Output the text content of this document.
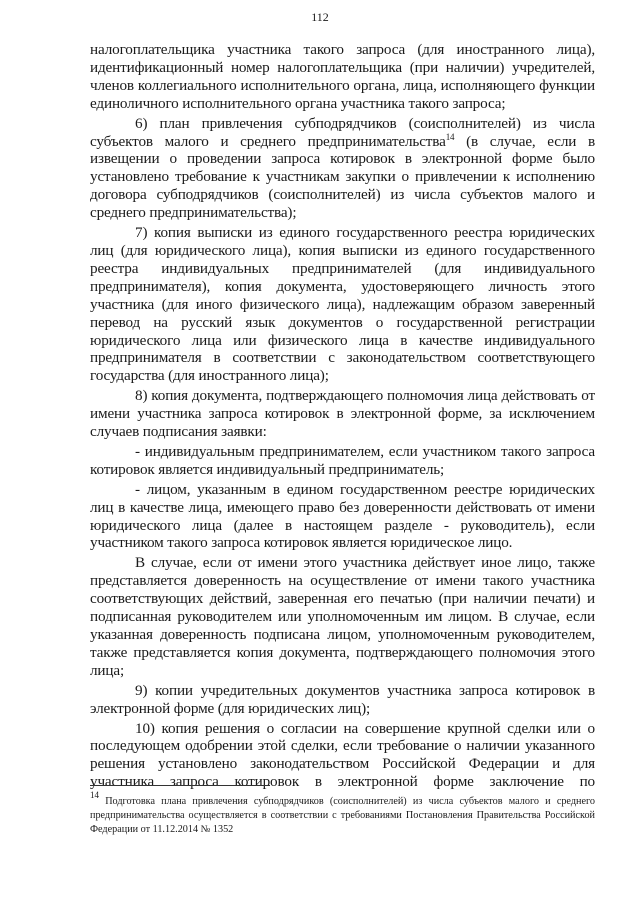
112

налогоплательщика участника такого запроса (для иностранного лица), идентификационный номер налогоплательщика (при наличии) учредителей, членов коллегиального исполнительного органа, лица, исполняющего функции единоличного исполнительного органа участника такого запроса;

6) план привлечения субподрядчиков (соисполнителей) из числа субъектов малого и среднего предпринимательства$^{14}$ (в случае, если в извещении о проведении запроса котировок в электронной форме было установлено требование к участникам закупки о привлечении к исполнению договора субподрядчиков (соисполнителей) из числа субъектов малого и среднего предпринимательства);

7) копия выписки из единого государственного реестра юридических лиц (для юридического лица), копия выписки из единого государственного реестра индивидуальных предпринимателей (для индивидуального предпринимателя), копия документа, удостоверяющего личность этого участника (для иного физического лица), надлежащим образом заверенный перевод на русский язык документов о государственной регистрации юридического лица или физического лица в качестве индивидуального предпринимателя в соответствии с законодательством соответствующего государства (для иностранного лица);

8) копия документа, подтверждающего полномочия лица действовать от имени участника запроса котировок в электронной форме, за исключением случаев подписания заявки:

- индивидуальным предпринимателем, если участником такого запроса котировок является индивидуальный предприниматель;

- лицом, указанным в едином государственном реестре юридических лиц в качестве лица, имеющего право без доверенности действовать от имени юридического лица (далее в настоящем разделе - руководитель), если участником такого запроса котировок является юридическое лицо.

В случае, если от имени этого участника действует иное лицо, также представляется доверенность на осуществление от имени такого участника соответствующих действий, заверенная его печатью (при наличии печати) и подписанная руководителем или уполномоченным им лицом. В случае, если указанная доверенность подписана лицом, уполномоченным руководителем, также представляется копия документа, подтверждающего полномочия этого лица;

9) копии учредительных документов участника запроса котировок в электронной форме (для юридических лиц);

10) копия решения о согласии на совершение крупной сделки или о последующем одобрении этой сделки, если требование о наличии указанного решения установлено законодательством Российской Федерации и для участника запроса котировок в электронной форме заключение по

$^{14}$ Подготовка плана привлечения субподрядчиков (соисполнителей) из числа субъектов малого и среднего предпринимательства осуществляется в соответствии с требованиями Постановления Правительства Российской Федерации от 11.12.2014 № 1352
